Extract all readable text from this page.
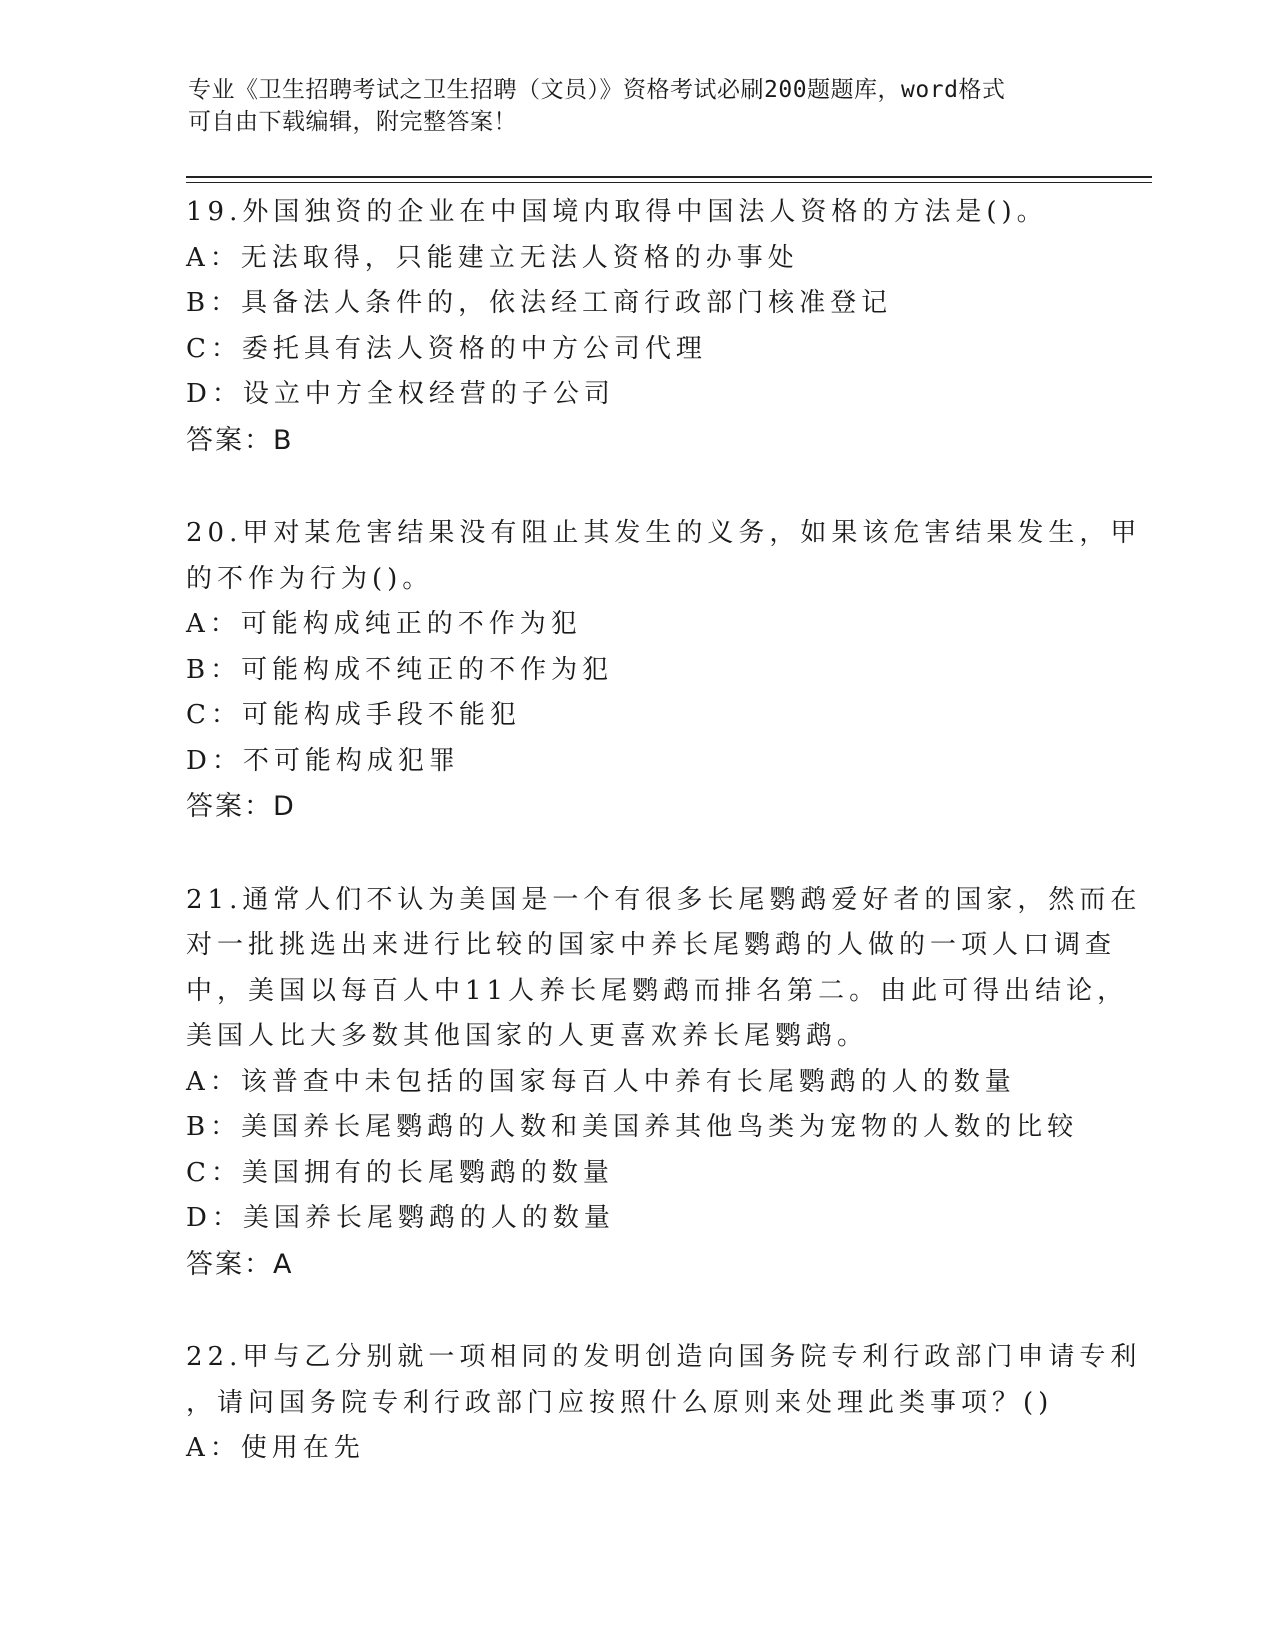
专业《卫生招聘考试之卫生招聘（文员）》资格考试必刷200题题库，word格式
可自由下载编辑，附完整答案！
19.外国独资的企业在中国境内取得中国法人资格的方法是()。
A：无法取得，只能建立无法人资格的办事处
B：具备法人条件的，依法经工商行政部门核准登记
C：委托具有法人资格的中方公司代理
D：设立中方全权经营的子公司
答案：B
20.甲对某危害结果没有阻止其发生的义务，如果该危害结果发生，甲
的不作为行为()。
A：可能构成纯正的不作为犯
B：可能构成不纯正的不作为犯
C：可能构成手段不能犯
D：不可能构成犯罪
答案：D
21.通常人们不认为美国是一个有很多长尾鹦鹉爱好者的国家，然而在
对一批挑选出来进行比较的国家中养长尾鹦鹉的人做的一项人口调查
中，美国以每百人中11人养长尾鹦鹉而排名第二。由此可得出结论，
美国人比大多数其他国家的人更喜欢养长尾鹦鹉。
A：该普查中未包括的国家每百人中养有长尾鹦鹉的人的数量
B：美国养长尾鹦鹉的人数和美国养其他鸟类为宠物的人数的比较
C：美国拥有的长尾鹦鹉的数量
D：美国养长尾鹦鹉的人的数量
答案：A
22.甲与乙分别就一项相同的发明创造向国务院专利行政部门申请专利
，请问国务院专利行政部门应按照什么原则来处理此类事项？()
A：使用在先
